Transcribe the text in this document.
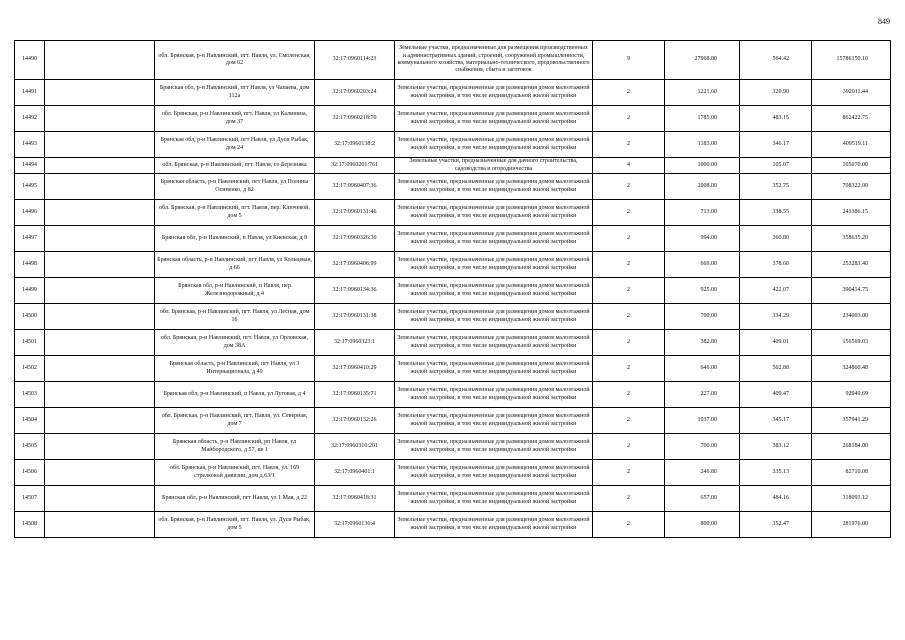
849
14490		обл. Брянская, р-н Навлинский, пгт. Навля, ул. Смоленская, дом 62	32:17:0960114:23	Земельные участки, предназначенные для размещения производственных и административных зданий, строений, сооружений промышленности, коммунального хозяйства, материально-технического, продовольственного снабжения, сбыта и заготовок	9	27968.80	564.42	15786150.10
14491		Брянская обл, р-н Навлинский, пгт Навля, ул Чапаева, дом 112а	32:17:0960203:24	Земельные участки, предназначенные для размещения домов малоэтажной жилой застройки, в том числе индивидуальной жилой застройки	2	1221.60	320.90	392011.44
14492		обл. Брянская, р-н Навлинский, пгт. Навля, ул Калинина, дом 37	32:17:0960218:70	Земельные участки, предназначенные для размещения домов малоэтажной жилой застройки, в том числе индивидуальной жилой застройки	2	1785.00	483.15	862422.75
14493		Брянская обл, р-н Навлинский, пгт Навля, ул Дуси Рыбак, дом 24	32:17:0960138:2	Земельные участки, предназначенные для размещения домов малоэтажной жилой застройки, в том числе индивидуальной жилой застройки	2	1183.00	346.17	409519.11
14494		обл. Брянская, р-н Навлинский, пгт. Навля, со Березняка	32:17:0960201:761	Земельные участки, предназначенные для дачного строительства, садоводства и огородничества	4	1000.00	105.07	105070.00
14495		Брянская область, р-н Навлинский, пгт Навля, ул Полины Осипенко, д 82	32:17:0960407:36	Земельные участки, предназначенные для размещения домов малоэтажной жилой застройки, в том числе индивидуальной жилой застройки	2	2008.00	352.75	708322.00
14496		обл. Брянская, р-н Навлинский, пгт. Навля, пер. Ключевой, дом 5	32:17:0960131:46	Земельные участки, предназначенные для размещения домов малоэтажной жилой застройки, в том числе индивидуальной жилой застройки	2	713.00	338.55	241386.15
14497		Брянская обл, р-н Навлинский, п Навля, ул Киевская, д 8	32:17:0960326:30	Земельные участки, предназначенные для размещения домов малоэтажной жилой застройки, в том числе индивидуальной жилой застройки	2	994.00	360.80	358635.20
14498		Брянская область, р-н Навлинский, пгт Навля, ул Кольцевая, д 66	32:17:0960406:99	Земельные участки, предназначенные для размещения домов малоэтажной жилой застройки, в том числе индивидуальной жилой застройки	2	669.00	378.60	253283.40
14499		Брянская обл, р-н Навлинский, п Навля, пер Железнодорожный, д 4	32:17:0960134:36	Земельные участки, предназначенные для размещения домов малоэтажной жилой застройки, в том числе индивидуальной жилой застройки	2	925.00	422.07	390414.75
14500		обл. Брянская, р-н Навлинский, пгт. Навля, ул Лесная, дом 16	32:17:0960131:38	Земельные участки, предназначенные для размещения домов малоэтажной жилой застройки, в том числе индивидуальной жилой застройки	2	700.00	334.29	234003.00
14501		обл. Брянская, р-н Навлинский, пгт. Навля, ул Орловская, дом 38А	32:17:0960323:1	Земельные участки, предназначенные для размещения домов малоэтажной жилой застройки, в том числе индивидуальной жилой застройки	2	382.80	409.01	156569.03
14502		Брянская область, р-н Навлинский, пгт Навля, ул 3 Интернационала, д 49	32:17:0960410:29	Земельные участки, предназначенные для размещения домов малоэтажной жилой застройки, в том числе индивидуальной жилой застройки	2	646.00	502.88	324860.48
14503		Брянская обл, р-н Навлинский, п Навля, ул Луговая, д 4	32:17:0960135:71	Земельные участки, предназначенные для размещения домов малоэтажной жилой застройки, в том числе индивидуальной жилой застройки	2	227.00	409.47	92949.69
14504		обл. Брянская, р-н Навлинский, пгт. Навля, ул. Северная, дом 7	32:17:0960132:26	Земельные участки, предназначенные для размещения домов малоэтажной жилой застройки, в том числе индивидуальной жилой застройки	2	1037.00	345.17	357941.29
14505		Брянская область, р-н Навлинский, рп Навля, ул Майбородского, д 57, кв 1	32:17:0960310:201	Земельные участки, предназначенные для размещения домов малоэтажной жилой застройки, в том числе индивидуальной жилой застройки	2	700.00	383.12	268184.00
14506		обл. Брянская, р-н Навлинский, пгт. Навля, ул. 169 стрелковой дивизии, дом д.63/1	32:17:0960401:1	Земельные участки, предназначенные для размещения домов малоэтажной жилой застройки, в том числе индивидуальной жилой застройки	2	246.80	335.13	82710.08
14507		Брянская обл, р-н Навлинский, пгт Навля, ул 1 Мая, д 22	32:17:0960418:31	Земельные участки, предназначенные для размещения домов малоэтажной жилой застройки, в том числе индивидуальной жилой застройки	2	657.00	484.16	318093.12
14508		обл. Брянская, р-н Навлинский, пгт. Навля, ул. Дуси Рыбак, дом 5	32:17:0960136:4	Земельные участки, предназначенные для размещения домов малоэтажной жилой застройки, в том числе индивидуальной жилой застройки	2	800.00	352.47	281976.00
